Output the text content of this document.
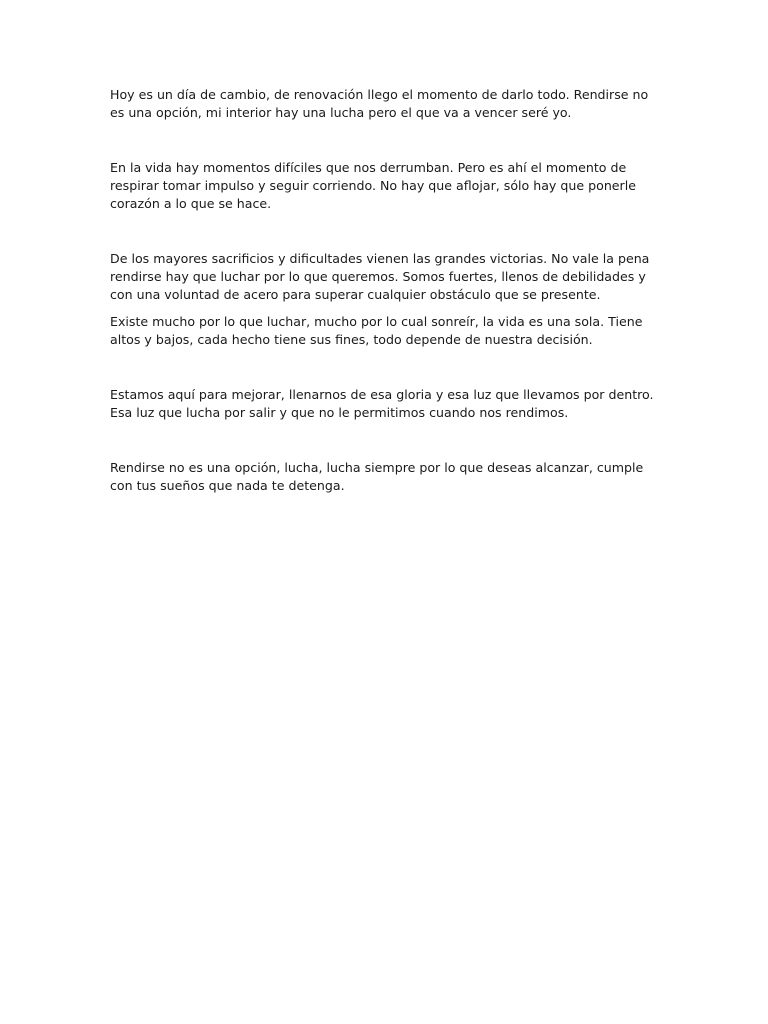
Hoy es un día de cambio, de renovación llego el momento de darlo todo. Rendirse no es una opción, mi interior hay una lucha pero el que va a vencer seré yo.

En la vida hay momentos difíciles que nos derrumban. Pero es ahí el momento de respirar tomar impulso y seguir corriendo. No hay que aflojar, sólo hay que ponerle corazón a lo que se hace.

De los mayores sacrificios y dificultades vienen las grandes victorias. No vale la pena rendirse hay que luchar por lo que queremos. Somos fuertes, llenos de debilidades y con una voluntad de acero para superar cualquier obstáculo que se presente.

Existe mucho por lo que luchar, mucho por lo cual sonreír, la vida es una sola. Tiene altos y bajos, cada hecho tiene sus fines, todo depende de nuestra decisión.

Estamos aquí para mejorar, llenarnos de esa gloria y esa luz que llevamos por dentro. Esa luz que lucha por salir y que no le permitimos cuando nos rendimos.

Rendirse no es una opción, lucha, lucha siempre por lo que deseas alcanzar, cumple con tus sueños que nada te detenga.
